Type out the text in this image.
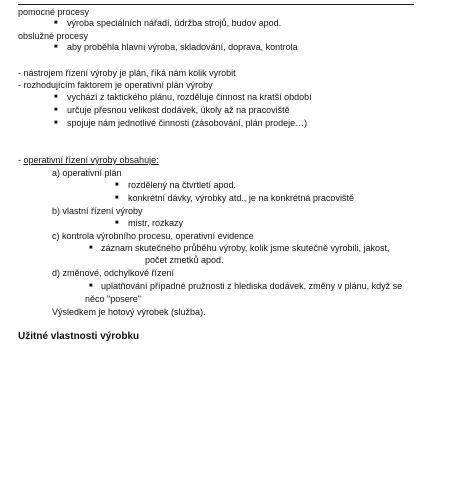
pomocné procesy
■ výroba speciálních nářadí, údržba strojů, budov apod.
obslužné procesy
■ aby proběhla hlavní výroba, skladování, doprava, kontrola
- nástrojem řízení výroby je plán, říká nám kolik vyrobit
- rozhodujícím faktorem je operativní plán výroby
■ vychází z taktického plánu, rozděluje činnost na kratší období
■ určuje přesnou velikost dodávek, úkoly až na pracoviště
■ spojuje nám jednotlivé činnosti (zásobování, plán prodeje…)
- operativní řízení výroby obsahuje:
a) operativní plán
■ rozdělený na čtvrtletí apod.
■ konkrétní dávky, výrobky atd., je na konkrétná pracoviště
b) vlastní řízení výroby
■ mistr, rozkazy
c) kontrola výrobního procesu, operativní evidence
■ záznam skutečného průběhu výroby, kolik jsme skutečně vyrobili, jakost,
počet zmetků apod.
d) změnové, odchylkové řízení
■ uplatňování případné pružnosti z hlediska dodávek, změny v plánu, když se
něco "posere"
Výsledkem je hotový výrobek (služba).
Užitné vlastnosti výrobku
